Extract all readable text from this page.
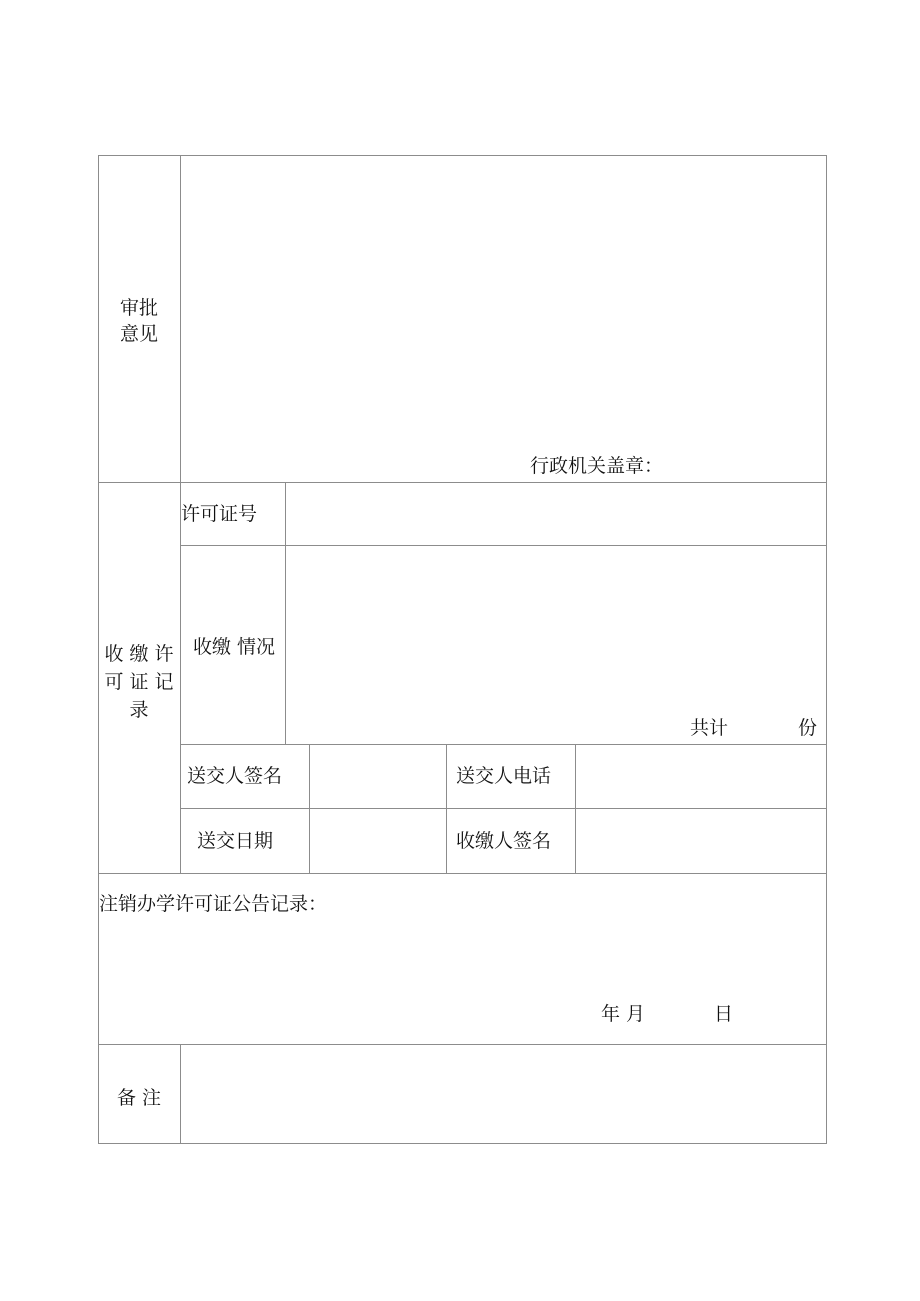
审批
意见
行政机关盖章：
收 缴 许
可 证 记
录
许可证号
收缴 情况
共计	份
送交人签名	送交人电话
送交日期	收缴人签名
注销办学许可证公告记录：
年 月	日
备 注
